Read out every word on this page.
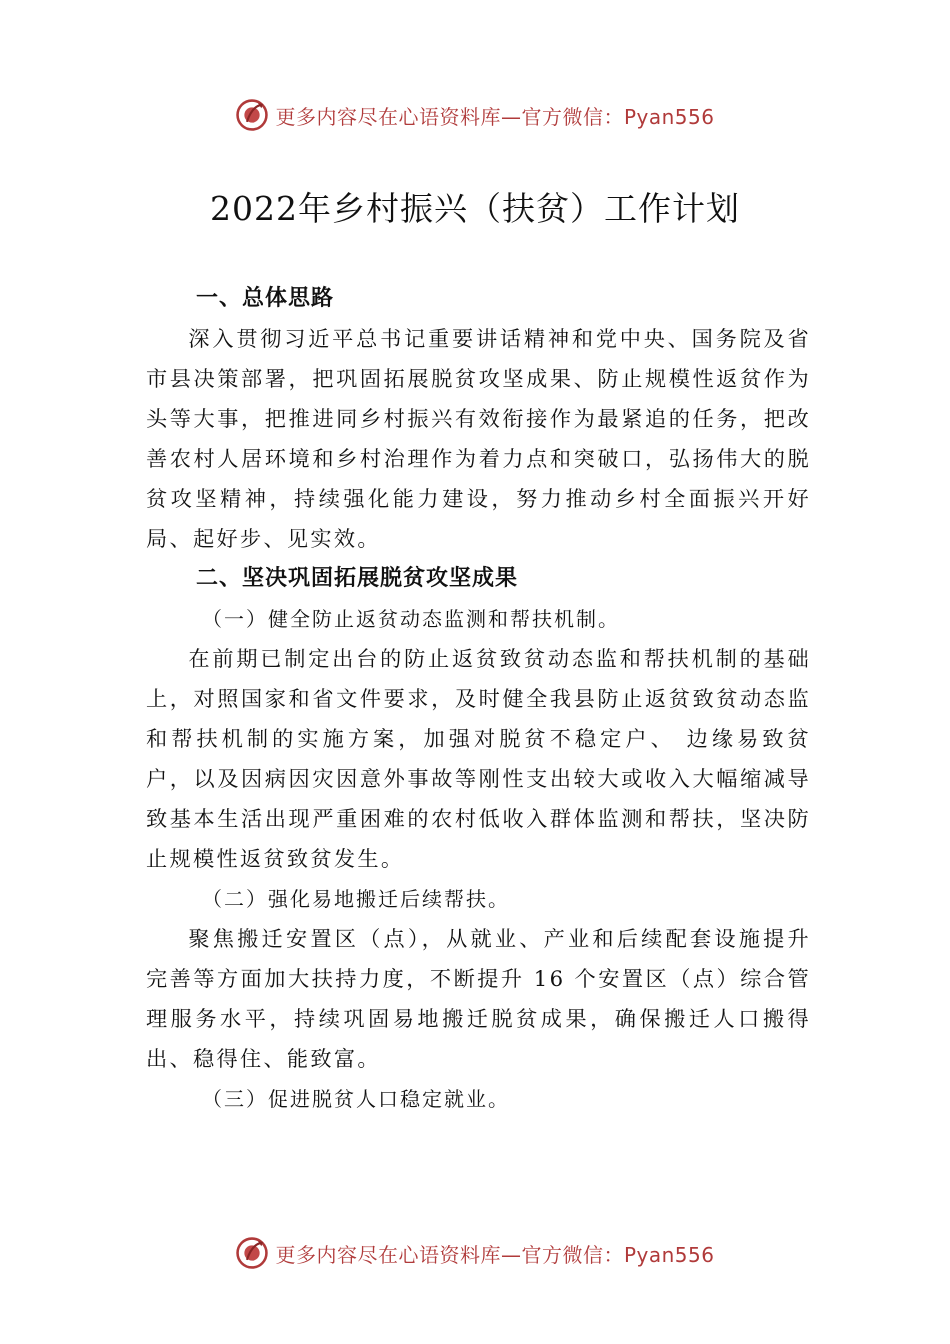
更多内容尽在心语资料库—官方微信：Pyan556
2022年乡村振兴（扶贫）工作计划
一、总体思路

深入贯彻习近平总书记重要讲话精神和党中央、国务院及省市县决策部署，把巩固拓展脱贫攻坚成果、防止规模性返贫作为头等大事，把推进同乡村振兴有效衔接作为最紧追的任务，把改善农村人居环境和乡村治理作为着力点和突破口，弘扬伟大的脱贫攻坚精神，持续强化能力建设，努力推动乡村全面振兴开好局、起好步、见实效。

二、坚决巩固拓展脱贫攻坚成果
（一）健全防止返贫动态监测和帮扶机制。

在前期已制定出台的防止返贫致贫动态监和帮扶机制的基础上，对照国家和省文件要求，及时健全我县防止返贫致贫动态监和帮扶机制的实施方案，加强对脱贫不稳定户、 边缘易致贫户，以及因病因灾因意外事故等刚性支出较大或收入大幅缩减导致基本生活出现严重困难的农村低收入群体监测和帮扶，坚决防止规模性返贫致贫发生。

（二）强化易地搬迁后续帮扶。

聚焦搬迁安置区（点），从就业、产业和后续配套设施提升完善等方面加大扶持力度，不断提升 16 个安置区（点）综合管理服务水平，持续巩固易地搬迁脱贫成果，确保搬迁人口搬得出、稳得住、能致富。

（三）促进脱贫人口稳定就业。
更多内容尽在心语资料库—官方微信：Pyan556
